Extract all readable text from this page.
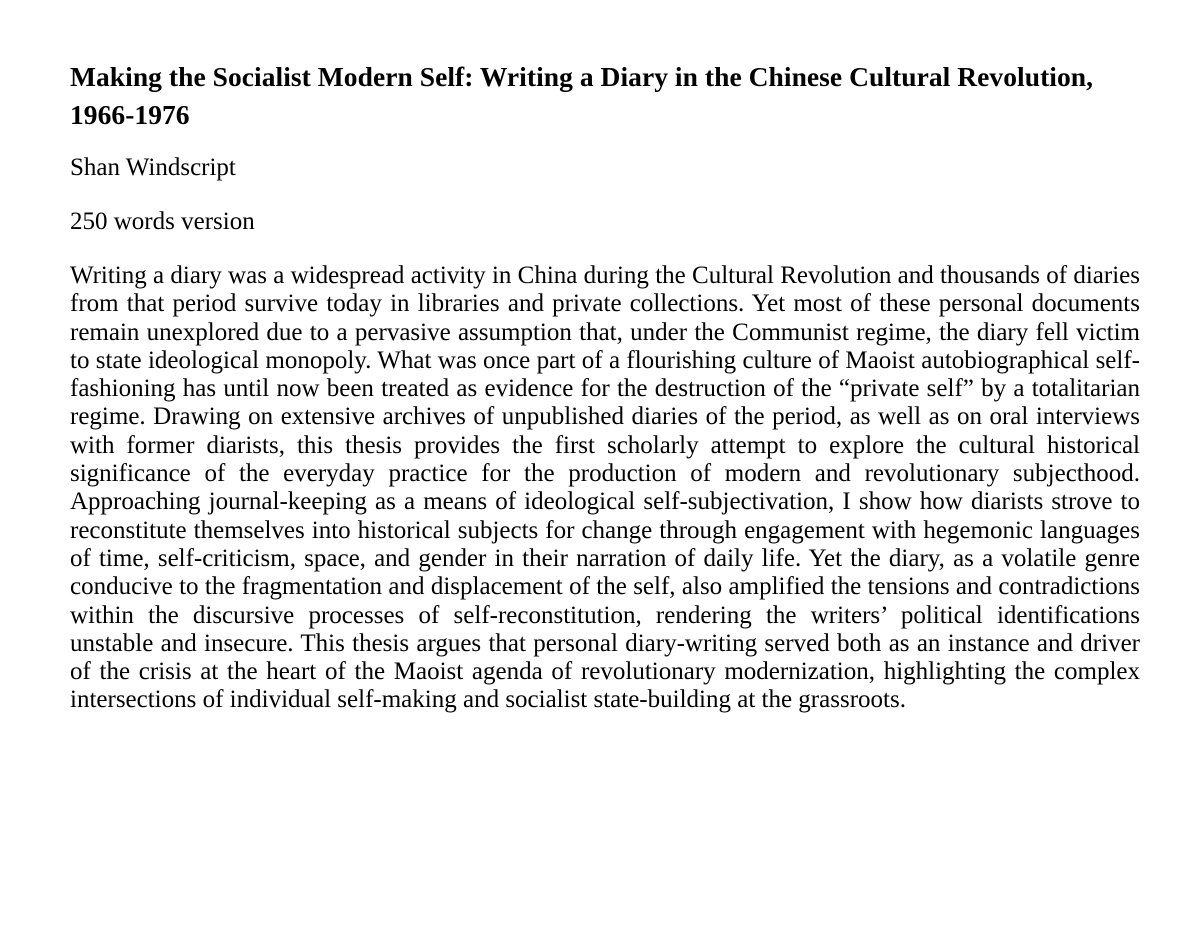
Making the Socialist Modern Self: Writing a Diary in the Chinese Cultural Revolution, 1966-1976

Shan Windscript

250 words version

Writing a diary was a widespread activity in China during the Cultural Revolution and thousands of diaries from that period survive today in libraries and private collections. Yet most of these personal documents remain unexplored due to a pervasive assumption that, under the Communist regime, the diary fell victim to state ideological monopoly. What was once part of a flourishing culture of Maoist autobiographical self-fashioning has until now been treated as evidence for the destruction of the “private self” by a totalitarian regime. Drawing on extensive archives of unpublished diaries of the period, as well as on oral interviews with former diarists, this thesis provides the first scholarly attempt to explore the cultural historical significance of the everyday practice for the production of modern and revolutionary subjecthood. Approaching journal-keeping as a means of ideological self-subjectivation, I show how diarists strove to reconstitute themselves into historical subjects for change through engagement with hegemonic languages of time, self-criticism, space, and gender in their narration of daily life. Yet the diary, as a volatile genre conducive to the fragmentation and displacement of the self, also amplified the tensions and contradictions within the discursive processes of self-reconstitution, rendering the writers’ political identifications unstable and insecure. This thesis argues that personal diary-writing served both as an instance and driver of the crisis at the heart of the Maoist agenda of revolutionary modernization, highlighting the complex intersections of individual self-making and socialist state-building at the grassroots.
